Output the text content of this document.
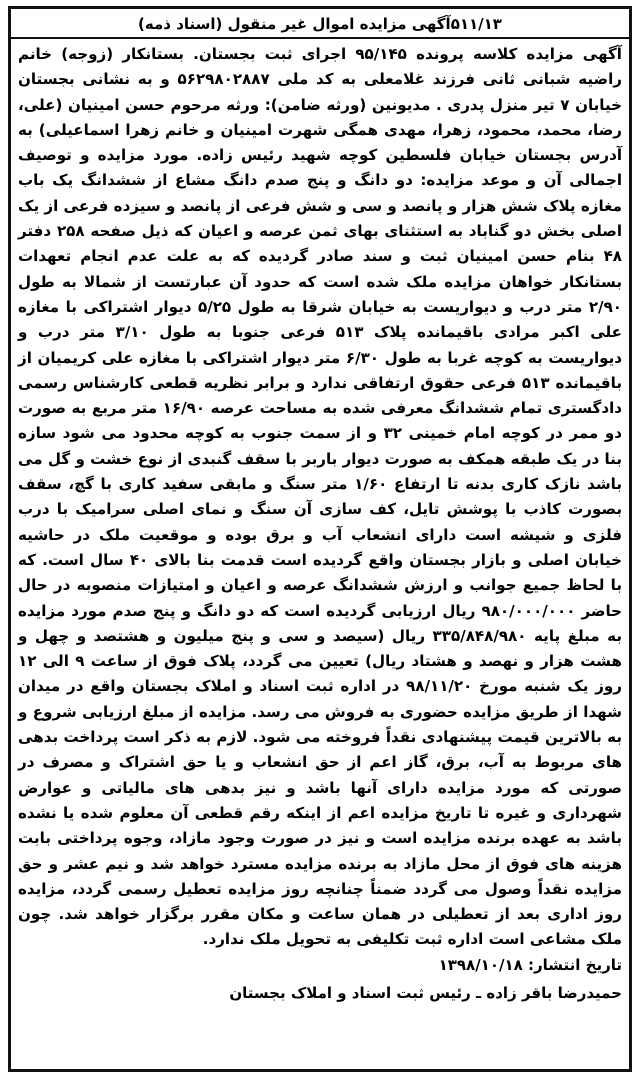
۵۱۱/۱۳آگهی مزایده اموال غیر منقول (اسناد ذمه)
آگهی مزایده کلاسه پرونده ۹۵/۱۴۵ اجرای ثبت بجستان. بستانکار (زوجه) خانم راضیه شبانی ثانی فرزند غلامعلی به کد ملی ۵۶۲۹۸۰۲۸۸۷ و به نشانی بجستان خیابان ۷ تیر منزل پدری . مدیونین (ورثه ضامن): ورثه مرحوم حسن امینیان (علی، رضا، محمد، محمود، زهرا، مهدی همگی شهرت امینیان و خانم زهرا اسماعیلی) به آدرس بجستان خیابان فلسطین کوچه شهید رئیس زاده. مورد مزایده و توصیف اجمالی آن و موعد مزایده: دو دانگ و پنج صدم دانگ مشاع از ششدانگ یک باب مغازه پلاک شش هزار و پانصد و سی و شش فرعی از پانصد و سیزده فرعی از یک اصلی بخش دو گناباد به استثنای بهای ثمن عرصه و اعیان که ذیل صفحه ۲۵۸ دفتر ۴۸ بنام حسن امینیان ثبت و سند صادر گردیده که به علت عدم انجام تعهدات بستانکار خواهان مزایده ملک شده است که حدود آن عبارتست از شمالا به طول ۲/۹۰ متر درب و دیواریست به خیابان شرقا به طول ۵/۲۵ دیوار اشتراکی با مغازه علی اکبر مرادی باقیمانده پلاک ۵۱۳ فرعی جنوبا به طول ۳/۱۰ متر درب و دیواریست به کوچه غربا به طول ۶/۳۰ متر دیوار اشتراکی با مغازه علی کریمیان از باقیمانده ۵۱۳ فرعی حقوق ارتفاقی ندارد و برابر نظریه قطعی کارشناس رسمی دادگستری تمام ششدانگ معرفی شده به مساحت عرصه ۱۶/۹۰ متر مربع به صورت دو ممر در کوچه امام خمینی ۳۲ و از سمت جنوب به کوچه محدود می شود سازه بنا در یک طبقه همکف به صورت دیوار باربر با سقف گنبدی از نوع خشت و گل می باشد نازک کاری بدنه تا ارتفاع ۱/۶۰ متر سنگ و مابقی سفید کاری با گچ، سقف بصورت کاذب با پوشش تایل، کف سازی آن سنگ و نمای اصلی سرامیک با درب فلزی و شیشه است دارای انشعاب آب و برق بوده و موقعیت ملک در حاشیه خیابان اصلی و بازار بجستان واقع گردیده است قدمت بنا بالای ۴۰ سال است. که با لحاظ جمیع جوانب و ارزش ششدانگ عرصه و اعیان و امتیازات منصوبه در حال حاضر ۹۸۰/۰۰۰/۰۰۰ ریال ارزیابی گردیده است که دو دانگ و پنج صدم مورد مزایده به مبلغ پایه ۳۳۵/۸۴۸/۹۸۰ ریال (سیصد و سی و پنج میلیون و هشتصد و چهل و هشت هزار و نهصد و هشتاد ریال) تعیین می گردد، پلاک فوق از ساعت ۹ الی ۱۲ روز یک شنبه مورخ ۹۸/۱۱/۲۰ در اداره ثبت اسناد و املاک بجستان واقع در میدان شهدا از طریق مزایده حضوری به فروش می رسد. مزایده از مبلغ ارزیابی شروع و به بالاترین قیمت پیشنهادی نقداً فروخته می شود. لازم به ذکر است پرداخت بدهی های مربوط به آب، برق، گاز اعم از حق انشعاب و یا حق اشتراک و مصرف در صورتی که مورد مزایده دارای آنها باشد و نیز بدهی های مالیاتی و عوارض شهرداری و غیره تا تاریخ مزایده اعم از اینکه رقم قطعی آن معلوم شده یا نشده باشد به عهده برنده مزایده است و نیز در صورت وجود مازاد، وجوه پرداختی بابت هزینه های فوق از محل مازاد به برنده مزایده مسترد خواهد شد و نیم عشر و حق مزایده نقداً وصول می گردد ضمناً چنانچه روز مزایده تعطیل رسمی گردد، مزایده روز اداری بعد از تعطیلی در همان ساعت و مکان مقرر برگزار خواهد شد. چون ملک مشاعی است اداره ثبت تکلیفی به تحویل ملک ندارد.
تاریخ انتشار: ۱۳۹۸/۱۰/۱۸
حمیدرضا باقر زاده ـ رئیس ثبت اسناد و املاک بجستان
